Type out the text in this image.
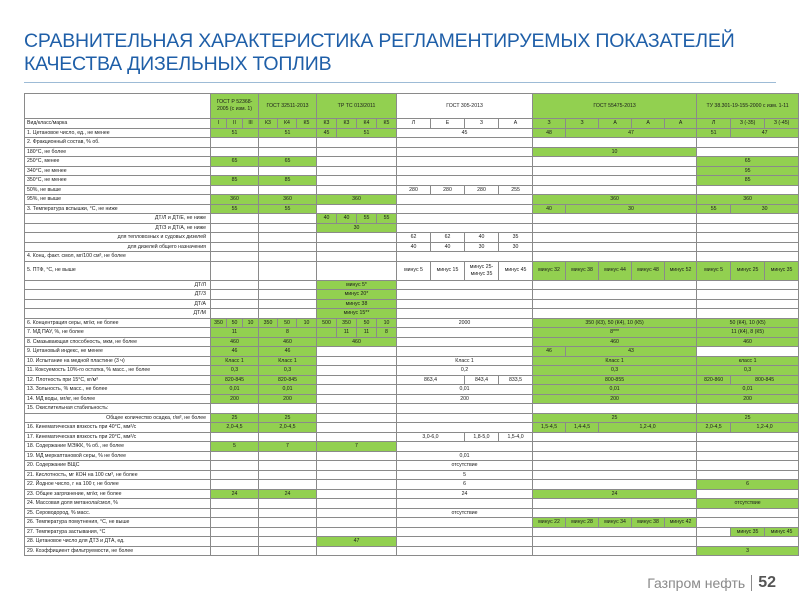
СРАВНИТЕЛЬНАЯ ХАРАКТЕРИСТИКА РЕГЛАМЕНТИРУЕМЫХ ПОКАЗАТЕЛЕЙ КАЧЕСТВА ДИЗЕЛЬНЫХ ТОПЛИВ
	ГОСТ Р 52368-2005 (с изм. 1)			ГОСТ 32511-2013			ТР ТС 013/2011				ГОСТ 305-2013				ГОСТ 55475-2013					ТУ 38.301-19-155-2000 с изм. 1-11		
Вид/класс/марка	I	II	III	К3	К4	К5	К3	К3	К4	К5	Л	Е	З	А	З	З	А	А	А	Л	З (-35)	З (-45)
1. Цетановое число, ед., не менее	51			51			45	51			45				48	47				51	47	
2. Фракционный состав, % об.																						
180°С, не более															10							
250°С, менее	65			65																65		
340°С, не менее																				95		
350°С, не менее	85			85																85		
50%, не выше											280	280	280	255								
95%, не выше	360			360			360								360					360		
3. Температура вспышки, °С, не ниже	55			55											40	30				55	30	
ДТ/Л и ДТ/Е, не ниже							40	40	55	55												
ДТ/З и ДТ/А, не ниже							30															
для тепловозных и судовых дизелей											62	62	40	35								
для дизелей общего назначения											40	40	30	30								
4. Конц. факт. смол, мг/100 см³, не более																						
5. ПТФ, °С, не выше											минус 5	минус 15	минус 25-минус 35	минус 45	минус 32	минус 38	минус 44	минус 48	минус 52	минус 5	минус 25	минус 35
ДТ/Л							минус 5*															
ДТ/З							минус 20*															
ДТ/А							минус 38															
ДТ/М							минус 15**															
6. Концентрация серы, мг/кг, не более	350	50	10	350	50	10	500	350	50	10	2000				350 (К3), 50 (К4), 10 (К5)					50 (К4), 10 (К5)		
7. МД ПАУ, %, не более	11			8				11	11	8					8***					11 (К4), 8 (К5)		
8. Смазывающая способность, мкм, не более	460			460			460								460					460		
9. Цетановый индекс, не менее	46			46											46	43						
10. Испытание на медной пластине (3 ч)	Класс 1			Класс 1							Класс 1				Класс 1					класс 1		
11. Коксуемость 10%-го остатка, % масс., не более	0,3			0,3							0,2				0,3					0,3		
12. Плотность при 15°С, кг/м³	820-845			820-845							863,4		843,4	833,5	800-855					820-860	800-845	
13. Зольность, % масс., не более	0,01			0,01							0,01				0,01					0,01		
14. МД воды, мг/кг, не более	200			200							200				200					200		
15. Окислительная стабильность:																						
Общее количество осадка, г/м³, не более	25			25											25					25		
16. Кинематическая вязкость при 40°С, мм²/с	2,0-4,5			2,0-4,5											1,5-4,5	1,4-4,5	1,2-4,0			2,0-4,5	1,2-4,0	
17. Кинематическая вязкость при 20°С, мм²/с											3,0-6,0		1,8-5,0	1,5-4,0								
18. Содержание МЭЖК, % об., не более	5			7			7															
19. МД меркаптановой серы, % не более											0,01											
20. Содержание ВЩС											отсутствие											
21. Кислотность, мг КОН на 100 см³, не более											5											
22. Йодное число, г на 100 г, не более											6									6		
23. Общее загрязнение, мг/кг, не более	24			24							24				24							
24. Массовая доля метанола/смол, %																				отсутствие		
25. Сероводород, % масс.											отсутствие											
26. Температура помутнения, °С, не выше															минус 22	минус 28	минус 34	минус 38	минус 42			
27. Температура застывания, °С																					минус 35	минус 45
28. Цетановое число для ДТЗ и ДТА, ед.							47															
29. Коэффициент фильтруемости, не более																				3		
Газпром нефть 52
